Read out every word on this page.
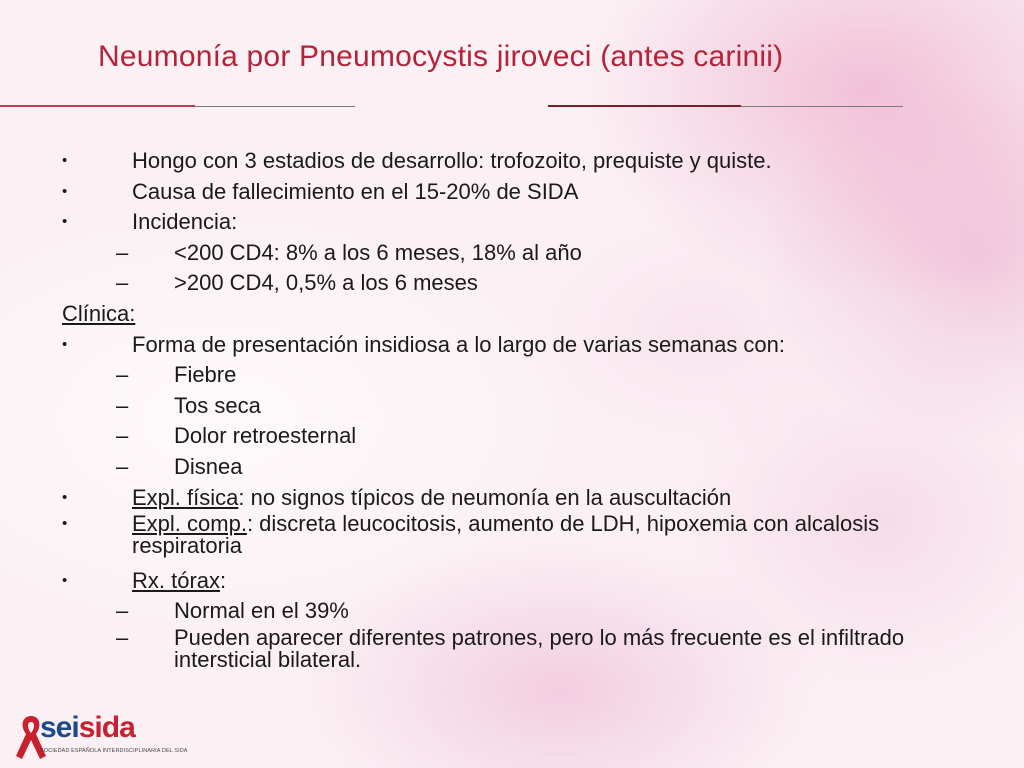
Neumonía por Pneumocystis jiroveci (antes carinii)

•	Hongo con 3 estadios de desarrollo: trofozoito, prequiste y quiste.

•	Causa de fallecimiento en el 15-20% de SIDA

•	Incidencia:

– <200 CD4: 8% a los 6 meses, 18% al año

– >200 CD4, 0,5% a los 6 meses

Clínica:

•	Forma de presentación insidiosa a lo largo de varias semanas con:

– Fiebre

– Tos seca

– Dolor retroesternal

– Disnea

•	Expl. física: no signos típicos de neumonía en la auscultación

•	Expl. comp.: discreta leucocitosis, aumento de LDH, hipoxemia con alcalosis respiratoria

•	Rx. tórax:

– Normal en el 39%

– Pueden aparecer diferentes patrones, pero lo más frecuente es el infiltrado intersticial bilateral.

seisida
SOCIEDAD ESPAÑOLA INTERDISCIPLINARIA DEL SIDA
